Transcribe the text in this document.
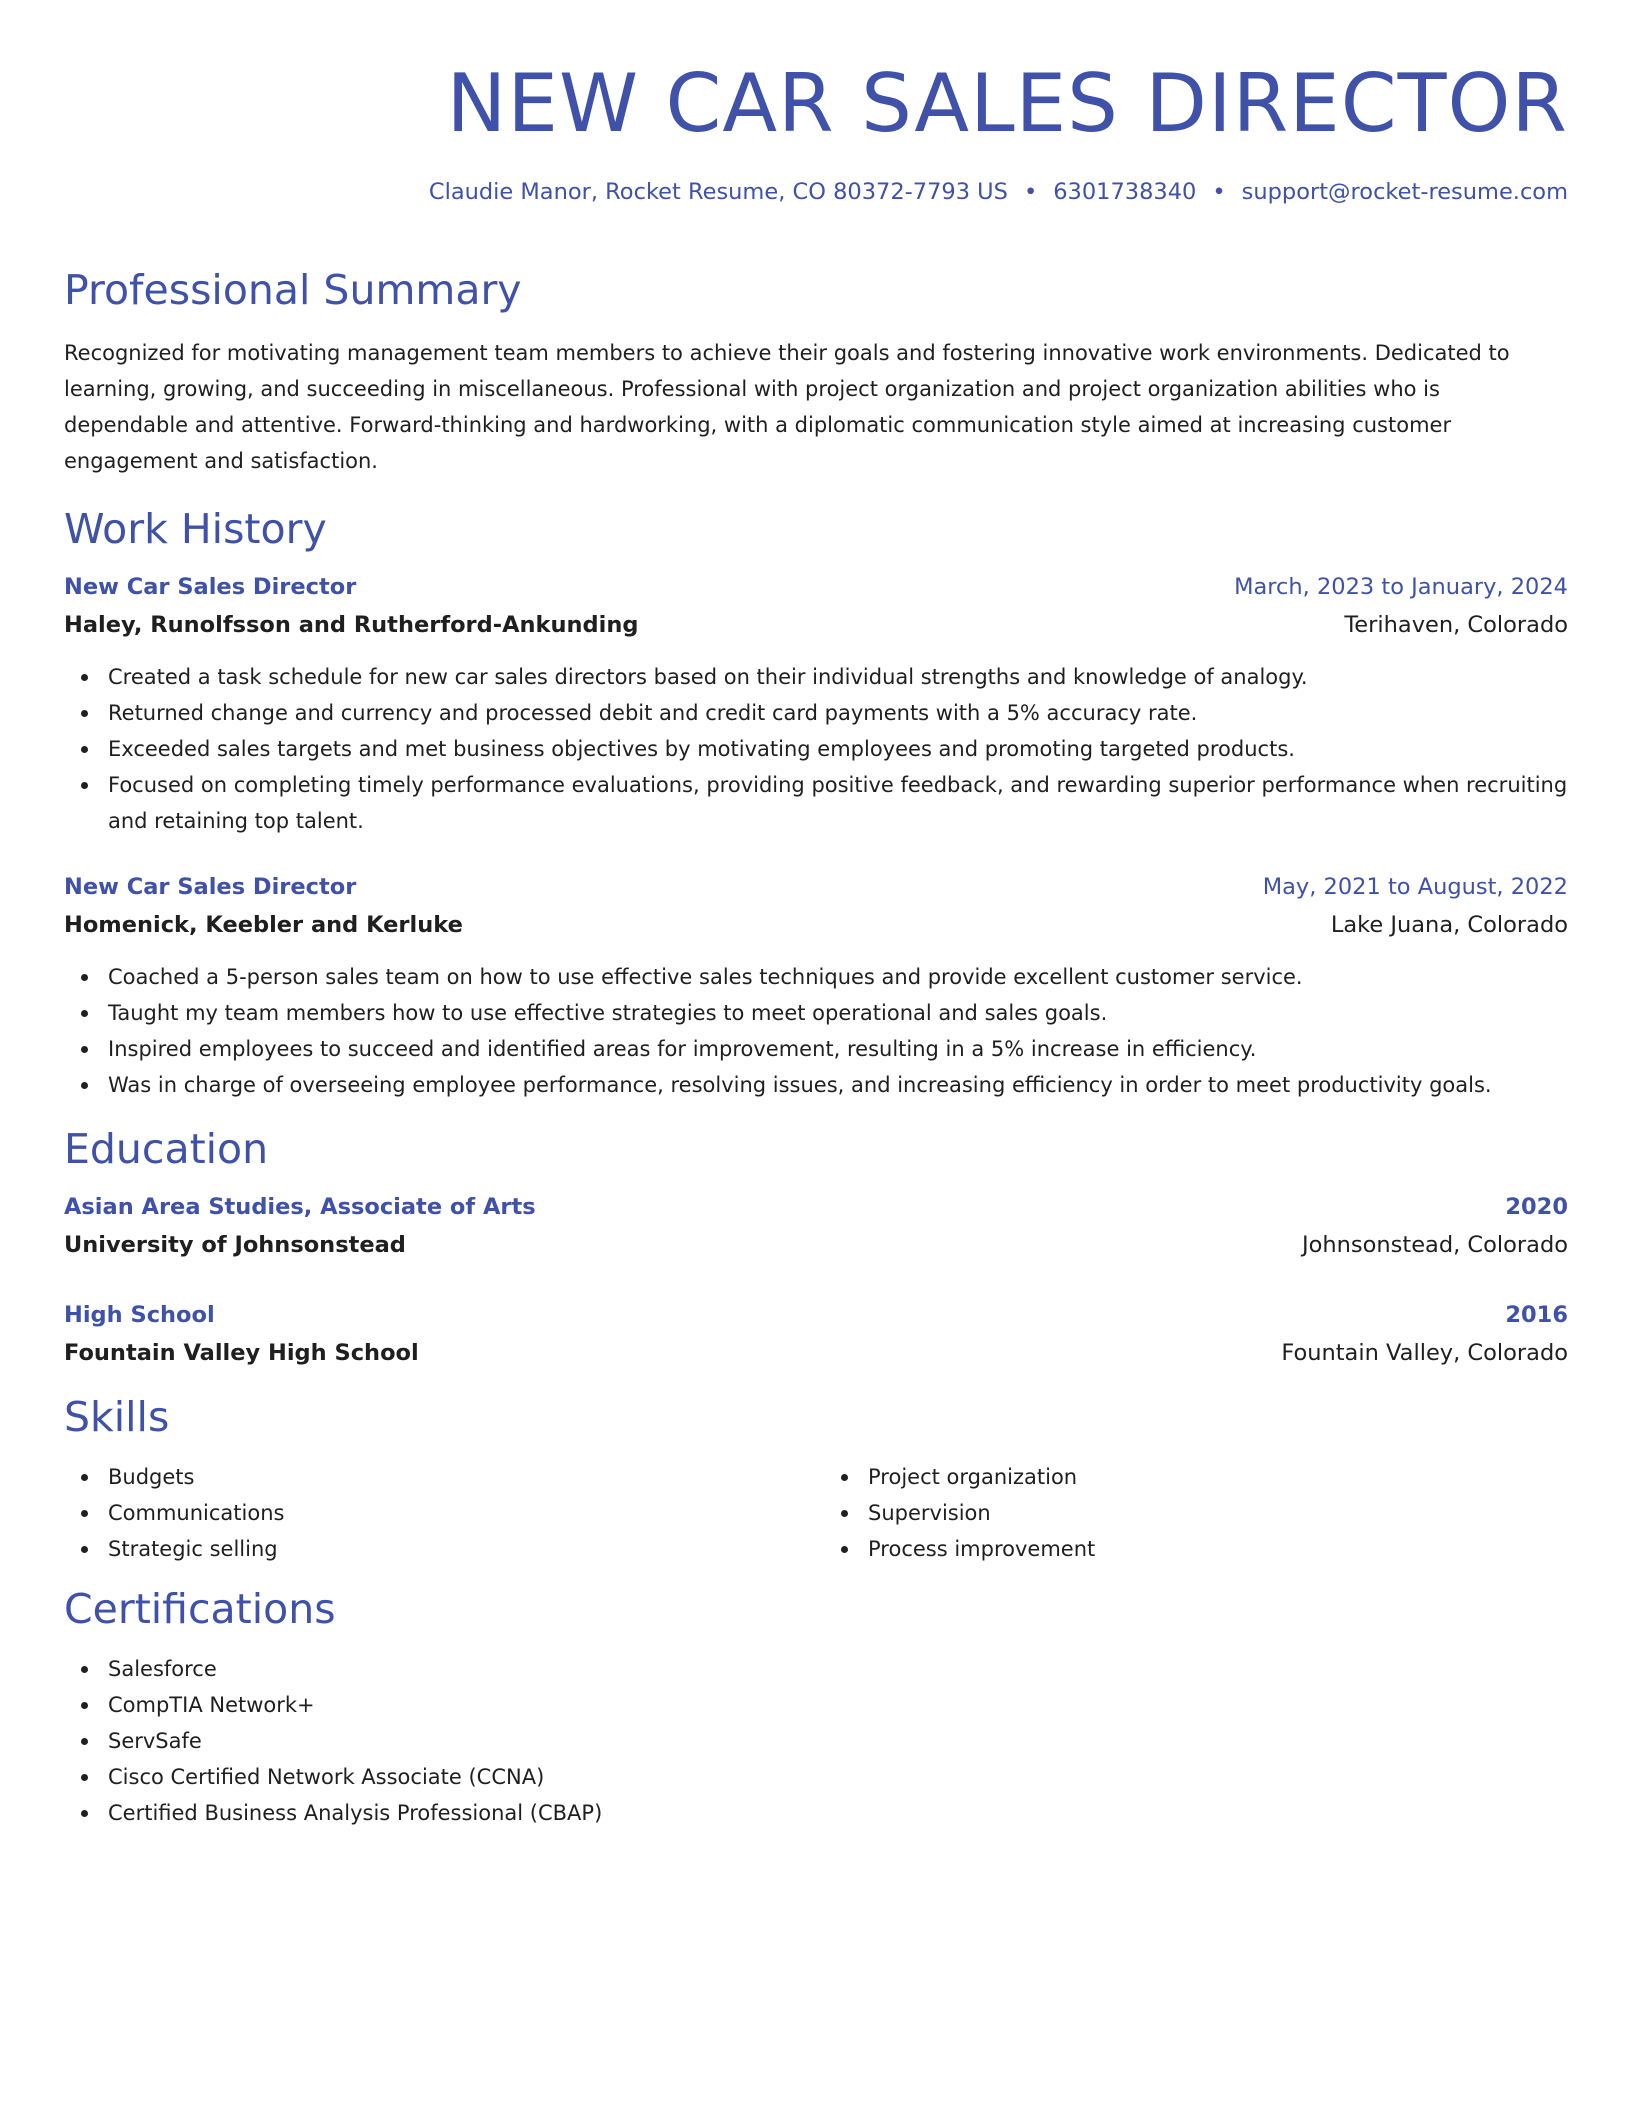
NEW CAR SALES DIRECTOR
Claudie Manor, Rocket Resume, CO 80372-7793 US • 6301738340 • support@rocket-resume.com
Professional Summary

Recognized for motivating management team members to achieve their goals and fostering innovative work environments. Dedicated to learning, growing, and succeeding in miscellaneous. Professional with project organization and project organization abilities who is dependable and attentive. Forward-thinking and hardworking, with a diplomatic communication style aimed at increasing customer engagement and satisfaction.

Work History
New Car Sales Director	March, 2023 to January, 2024
Haley, Runolfsson and Rutherford-Ankunding	Terihaven, Colorado
Created a task schedule for new car sales directors based on their individual strengths and knowledge of analogy.
Returned change and currency and processed debit and credit card payments with a 5% accuracy rate.
Exceeded sales targets and met business objectives by motivating employees and promoting targeted products.
Focused on completing timely performance evaluations, providing positive feedback, and rewarding superior performance when recruiting and retaining top talent.
New Car Sales Director	May, 2021 to August, 2022
Homenick, Keebler and Kerluke	Lake Juana, Colorado
Coached a 5-person sales team on how to use effective sales techniques and provide excellent customer service.
Taught my team members how to use effective strategies to meet operational and sales goals.
Inspired employees to succeed and identified areas for improvement, resulting in a 5% increase in efficiency.
Was in charge of overseeing employee performance, resolving issues, and increasing efficiency in order to meet productivity goals.
Education
Asian Area Studies, Associate of Arts	2020
University of Johnsonstead	Johnsonstead, Colorado
High School	2016
Fountain Valley High School	Fountain Valley, Colorado
Skills
Budgets
Communications
Strategic selling
Project organization
Supervision
Process improvement
Certifications
Salesforce
CompTIA Network+
ServSafe
Cisco Certified Network Associate (CCNA)
Certified Business Analysis Professional (CBAP)
